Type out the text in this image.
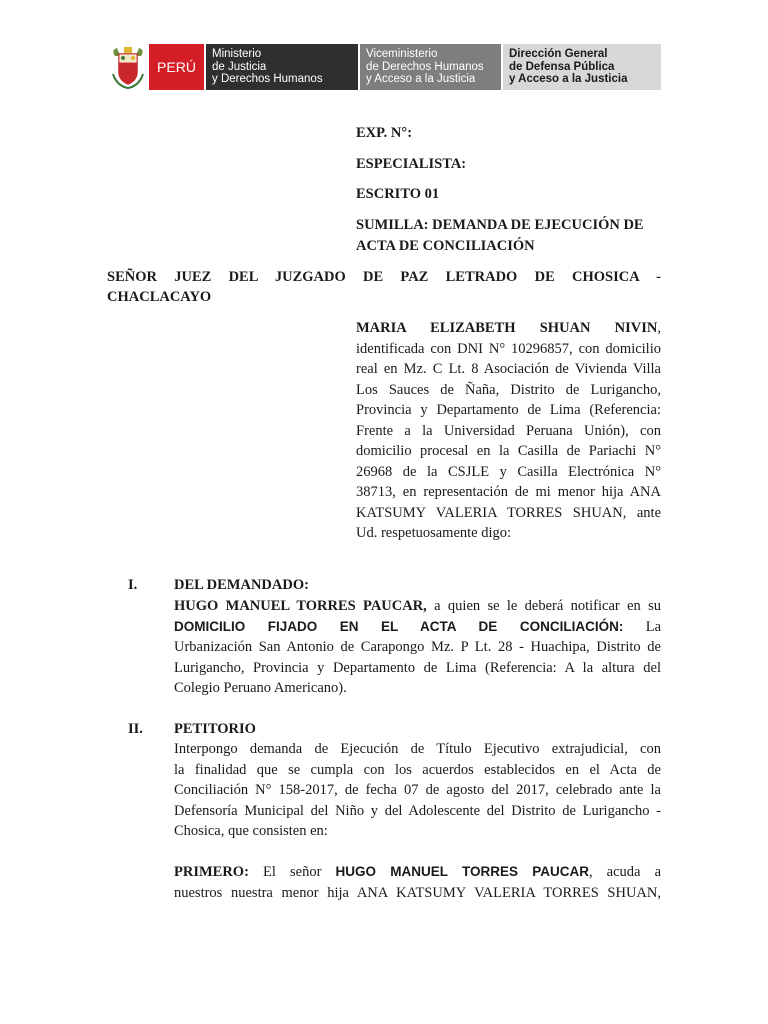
PERÚ
Ministerio
de Justicia
y Derechos Humanos
Viceministerio
de Derechos Humanos
y Acceso a la Justicia
Dirección General
de Defensa Pública
y Acceso a la Justicia
EXP. N°:
ESPECIALISTA:
ESCRITO 01
SUMILLA: DEMANDA DE EJECUCIÓN DE
ACTA DE CONCILIACIÓN
SEÑOR JUEZ DEL JUZGADO DE PAZ LETRADO DE CHOSICA -
CHACLACAYO
MARIA ELIZABETH SHUAN NIVIN,
identificada con DNI N° 10296857, con domicilio
real en Mz. C Lt. 8 Asociación de Vivienda Villa
Los Sauces de Ñaña, Distrito de Lurigancho,
Provincia y Departamento de Lima (Referencia:
Frente a la Universidad Peruana Unión), con
domicilio procesal en la Casilla de Pariachi N°
26968 de la CSJLE y Casilla Electrónica N°
38713, en representación de mi menor hija ANA
KATSUMY VALERIA TORRES SHUAN, ante
Ud. respetuosamente digo:
I.	DEL DEMANDADO:
HUGO MANUEL TORRES PAUCAR, a quien se le deberá notificar en su
DOMICILIO FIJADO EN EL ACTA DE CONCILIACIÓN: La
Urbanización San Antonio de Carapongo Mz. P Lt. 28 - Huachipa, Distrito de
Lurigancho, Provincia y Departamento de Lima (Referencia: A la altura del
Colegio Peruano Americano).
II. PETITORIO
Interpongo demanda de Ejecución de Título Ejecutivo extrajudicial, con
la finalidad que se cumpla con los acuerdos establecidos en el Acta de
Conciliación N° 158-2017, de fecha 07 de agosto del 2017, celebrado ante la
Defensoría Municipal del Niño y del Adolescente del Distrito de Lurigancho -
Chosica, que consisten en:
PRIMERO: El señor HUGO MANUEL TORRES PAUCAR, acuda a
nuestros nuestra menor hija ANA KATSUMY VALERIA TORRES SHUAN,
